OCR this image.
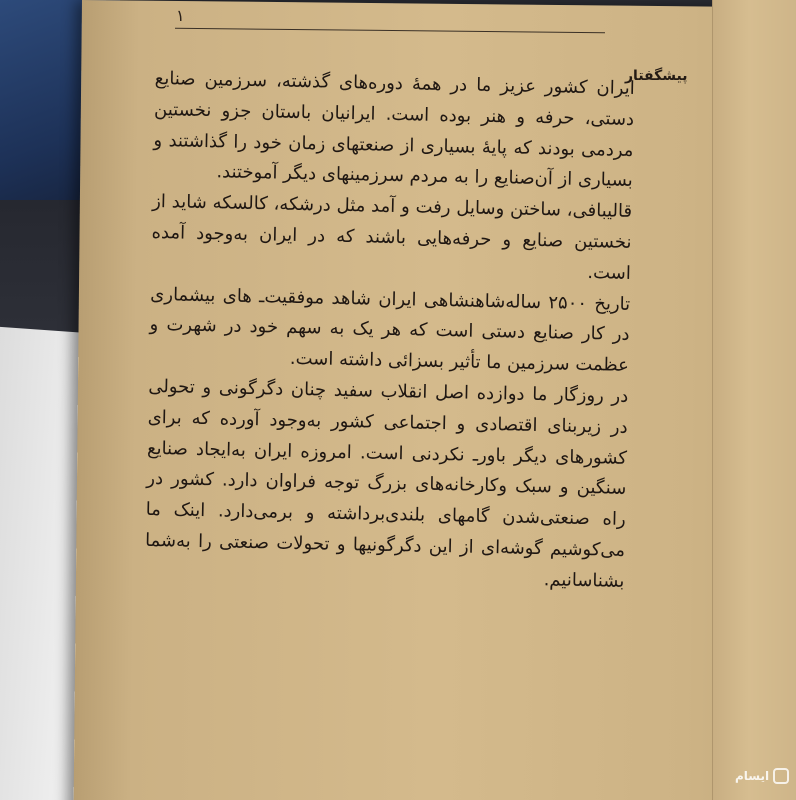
۱
پیشگفتار

ایران کشور عزیز ما در همهٔ دوره‌های گذشته، سرزمین صنایع دستی، حرفه و هنر بوده است. ایرانیان باستان جزو نخستین مردمی بودند که پایهٔ بسیاری از صنعتهای زمان خود را گذاشتند و بسیاری از آن‌صنایع را به مردم سرزمینهای دیگر آموختند.

قالیبافی، ساختن وسایل رفت و آمد مثل درشکه، کالسکه شاید از نخستین صنایع و حرفه‌هایی باشند که در ایران به‌وجود آمده است.

تاریخ ۲۵۰۰ ساله‌شاهنشاهی ایران شاهد موفقیت‌ـ های بیشماری در کار صنایع دستی است که هر یک به سهم خود در شهرت و عظمت سرزمین ما تأثیر بسزائی داشته است.

در روزگار ما دوازده اصل انقلاب سفید چنان دگرگونی و تحولی در زیربنای اقتصادی و اجتماعی کشور به‌وجود آورده که برای کشورهای دیگر باور‌ـ نکردنی است. امروزه ایران به‌ایجاد صنایع سنگین و سبک وکارخانه‌های بزرگ توجه فراوان دارد. کشور در راه صنعتی‌شدن گامهای بلندی‌برداشته و برمی‌دارد. اینک ما می‌کوشیم گوشه‌ای از این دگرگونیها و تحولات صنعتی را به‌شما بشناسانیم.

ایسام
